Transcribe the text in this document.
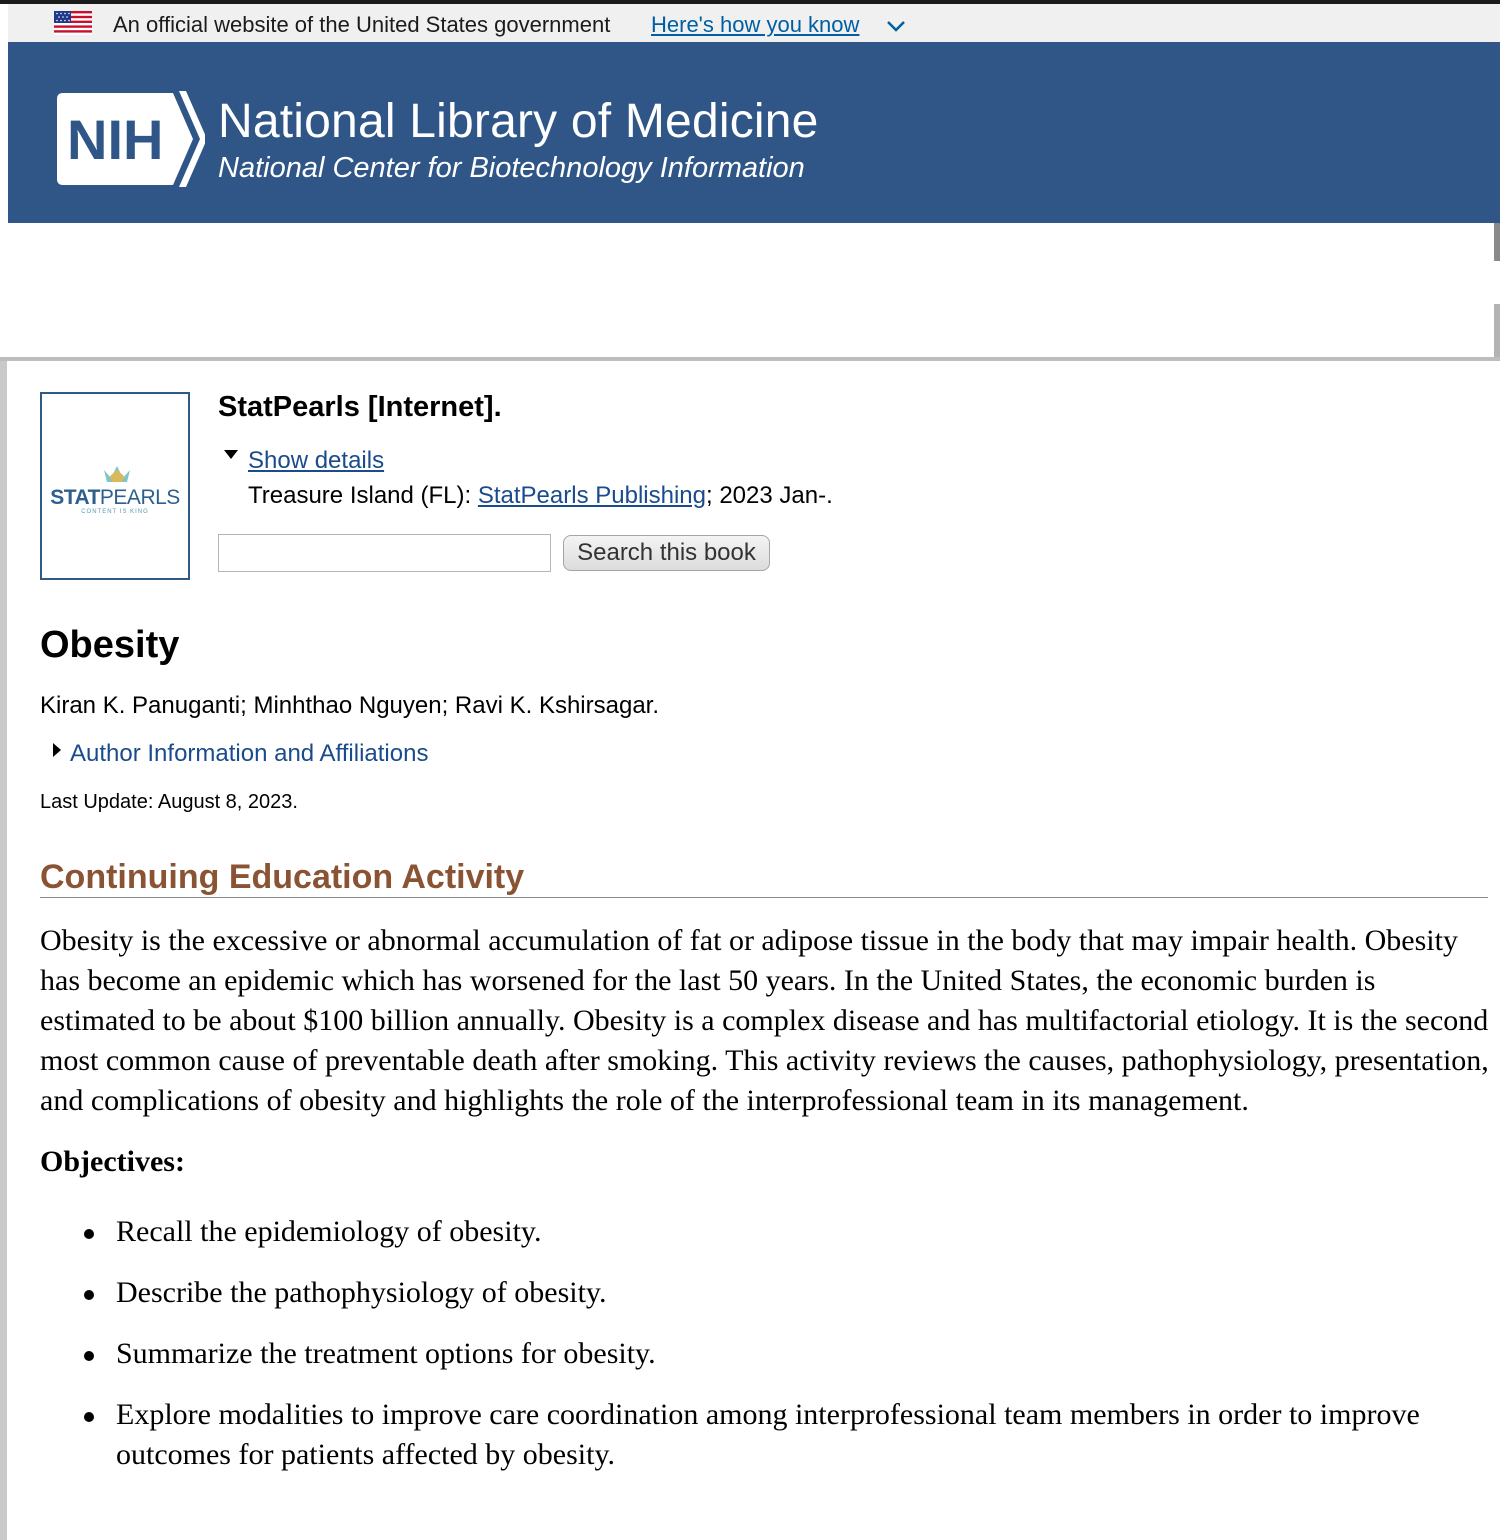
An official website of the United States government Here's how you know
NIH National Library of Medicine
National Center for Biotechnology Information
STATPEARLS
CONTENT IS KING
StatPearls [Internet].
Show details
Treasure Island (FL): StatPearls Publishing; 2023 Jan-.
Search this book
Obesity
Kiran K. Panuganti; Minhthao Nguyen; Ravi K. Kshirsagar.
Author Information and Affiliations
Last Update: August 8, 2023.
Continuing Education Activity

Obesity is the excessive or abnormal accumulation of fat or adipose tissue in the body that may impair health. Obesity has become an epidemic which has worsened for the last 50 years. In the United States, the economic burden is estimated to be about $100 billion annually. Obesity is a complex disease and has multifactorial etiology. It is the second most common cause of preventable death after smoking. This activity reviews the causes, pathophysiology, presentation, and complications of obesity and highlights the role of the interprofessional team in its management.

Objectives:
Recall the epidemiology of obesity.
Describe the pathophysiology of obesity.
Summarize the treatment options for obesity.
Explore modalities to improve care coordination among interprofessional team members in order to improve outcomes for patients affected by obesity.
